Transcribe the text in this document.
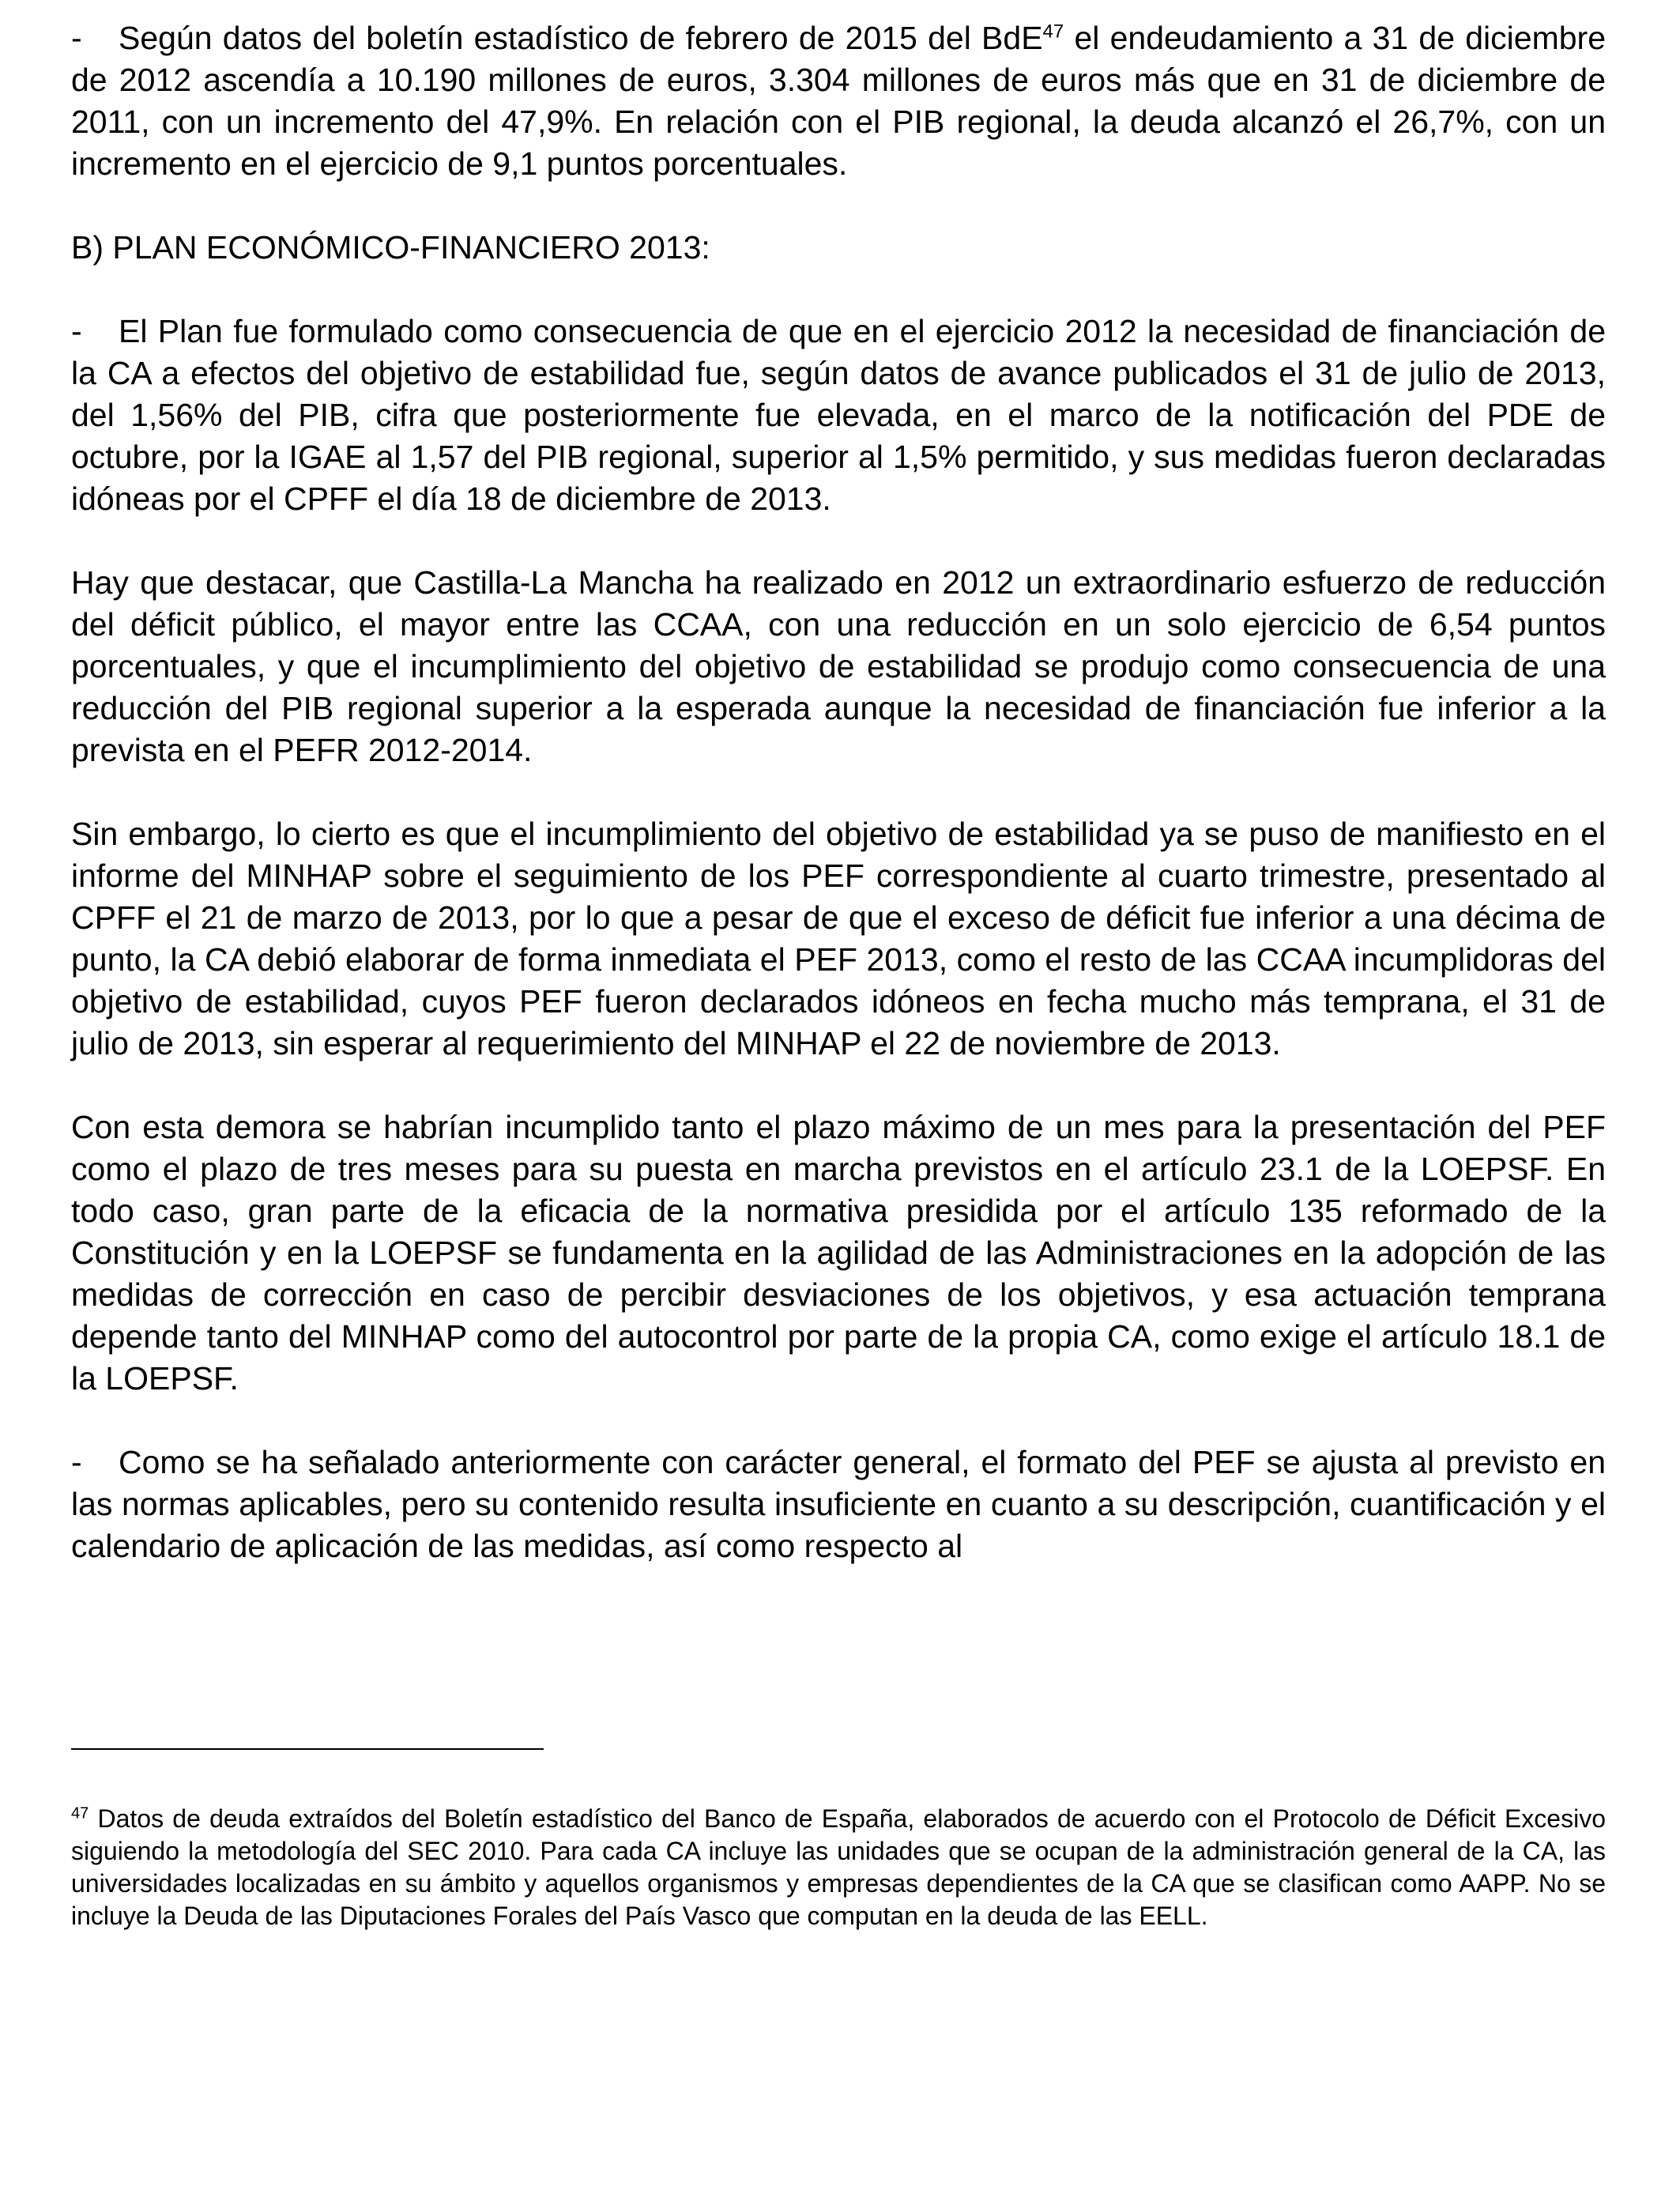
- Según datos del boletín estadístico de febrero de 2015 del BdE$^{47}$ el endeudamiento a 31 de diciembre de 2012 ascendía a 10.190 millones de euros, 3.304 millones de euros más que en 31 de diciembre de 2011, con un incremento del 47,9%. En relación con el PIB regional, la deuda alcanzó el 26,7%, con un incremento en el ejercicio de 9,1 puntos porcentuales.

B) PLAN ECONÓMICO-FINANCIERO 2013:

- El Plan fue formulado como consecuencia de que en el ejercicio 2012 la necesidad de financiación de la CA a efectos del objetivo de estabilidad fue, según datos de avance publicados el 31 de julio de 2013, del 1,56% del PIB, cifra que posteriormente fue elevada, en el marco de la notificación del PDE de octubre, por la IGAE al 1,57 del PIB regional, superior al 1,5% permitido, y sus medidas fueron declaradas idóneas por el CPFF el día 18 de diciembre de 2013.

Hay que destacar, que Castilla-La Mancha ha realizado en 2012 un extraordinario esfuerzo de reducción del déficit público, el mayor entre las CCAA, con una reducción en un solo ejercicio de 6,54 puntos porcentuales, y que el incumplimiento del objetivo de estabilidad se produjo como consecuencia de una reducción del PIB regional superior a la esperada aunque la necesidad de financiación fue inferior a la prevista en el PEFR 2012-2014.

Sin embargo, lo cierto es que el incumplimiento del objetivo de estabilidad ya se puso de manifiesto en el informe del MINHAP sobre el seguimiento de los PEF correspondiente al cuarto trimestre, presentado al CPFF el 21 de marzo de 2013, por lo que a pesar de que el exceso de déficit fue inferior a una décima de punto, la CA debió elaborar de forma inmediata el PEF 2013, como el resto de las CCAA incumplidoras del objetivo de estabilidad, cuyos PEF fueron declarados idóneos en fecha mucho más temprana, el 31 de julio de 2013, sin esperar al requerimiento del MINHAP el 22 de noviembre de 2013.

Con esta demora se habrían incumplido tanto el plazo máximo de un mes para la presentación del PEF como el plazo de tres meses para su puesta en marcha previstos en el artículo 23.1 de la LOEPSF. En todo caso, gran parte de la eficacia de la normativa presidida por el artículo 135 reformado de la Constitución y en la LOEPSF se fundamenta en la agilidad de las Administraciones en la adopción de las medidas de corrección en caso de percibir desviaciones de los objetivos, y esa actuación temprana depende tanto del MINHAP como del autocontrol por parte de la propia CA, como exige el artículo 18.1 de la LOEPSF.

- Como se ha señalado anteriormente con carácter general, el formato del PEF se ajusta al previsto en las normas aplicables, pero su contenido resulta insuficiente en cuanto a su descripción, cuantificación y el calendario de aplicación de las medidas, así como respecto al

$^{47}$ Datos de deuda extraídos del Boletín estadístico del Banco de España, elaborados de acuerdo con el Protocolo de Déficit Excesivo siguiendo la metodología del SEC 2010. Para cada CA incluye las unidades que se ocupan de la administración general de la CA, las universidades localizadas en su ámbito y aquellos organismos y empresas dependientes de la CA que se clasifican como AAPP. No se incluye la Deuda de las Diputaciones Forales del País Vasco que computan en la deuda de las EELL.
